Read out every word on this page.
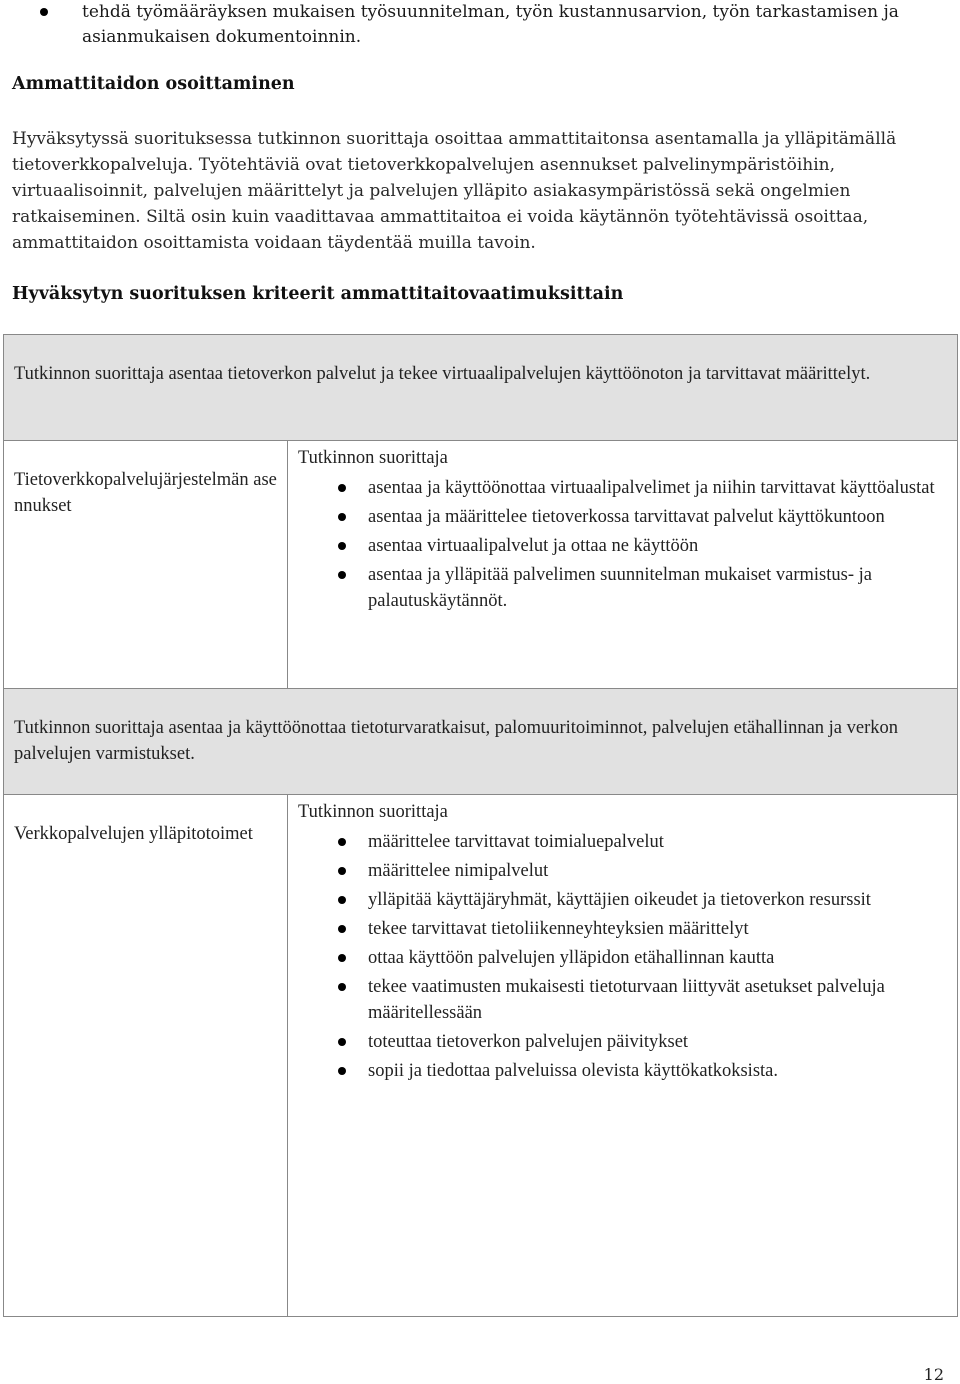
tehdä työmääräyksen mukaisen työsuunnitelman, työn kustannusarvion, työn tarkastamisen ja asianmukaisen dokumentoinnin.
Ammattitaidon osoittaminen
Hyväksytyssä suorituksessa tutkinnon suorittaja osoittaa ammattitaitonsa asentamalla ja ylläpitämällä tietoverkkopalveluja. Työtehtäviä ovat tietoverkkopalvelujen asennukset palvelinympäristöihin, virtuaalisoinnit, palvelujen määrittelyt ja palvelujen ylläpito asiakasympäristössä sekä ongelmien ratkaiseminen. Siltä osin kuin vaadittavaa ammattitaitoa ei voida käytännön työtehtävissä osoittaa, ammattitaidon osoittamista voidaan täydentää muilla tavoin.
Hyväksytyn suorituksen kriteerit ammattitaitovaatimuksittain
Tutkinnon suorittaja asentaa tietoverkon palvelut ja tekee virtuaalipalvelujen käyttöönoton ja tarvittavat määrittelyt.
Tietoverkkopalvelujärjestelmän asennukset
Tutkinnon suorittaja
asentaa ja käyttöönottaa virtuaalipalvelimet ja niihin tarvittavat käyttöalustat
asentaa ja määrittelee tietoverkossa tarvittavat palvelut käyttökuntoon
asentaa virtuaalipalvelut ja ottaa ne käyttöön
asentaa ja ylläpitää palvelimen suunnitelman mukaiset varmistus- ja palautuskäytännöt.
Tutkinnon suorittaja asentaa ja käyttöönottaa tietoturvaratkaisut, palomuuritoiminnot, palvelujen etähallinnan ja verkon palvelujen varmistukset.
Verkkopalvelujen ylläpitotoimet
Tutkinnon suorittaja
määrittelee tarvittavat toimialuepalvelut
määrittelee nimipalvelut
ylläpitää käyttäjäryhmät, käyttäjien oikeudet ja tietoverkon resurssit
tekee tarvittavat tietoliikenneyhteyksien määrittelyt
ottaa käyttöön palvelujen ylläpidon etähallinnan kautta
tekee vaatimusten mukaisesti tietoturvaan liittyvät asetukset palveluja määritellessään
toteuttaa tietoverkon palvelujen päivitykset
sopii ja tiedottaa palveluissa olevista käyttökatkoksista.
12
